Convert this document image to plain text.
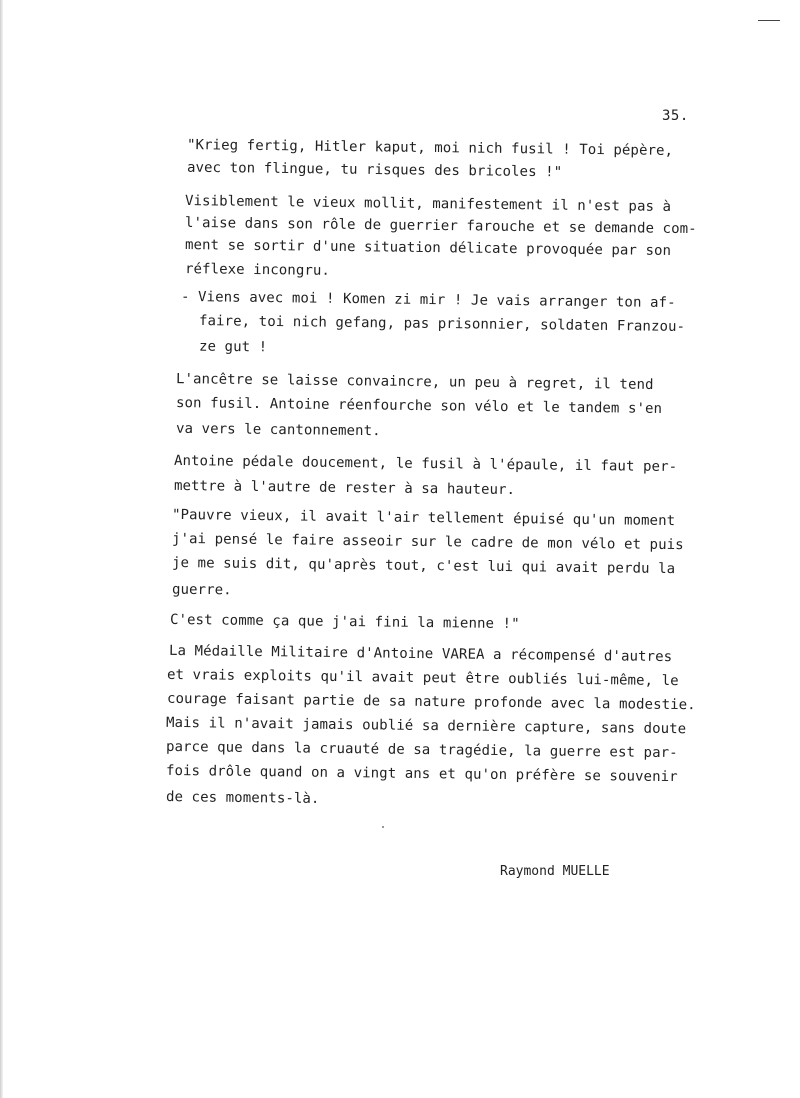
35.
"Krieg fertig, Hitler kaput, moi nich fusil ! Toi pépère,
avec ton flingue, tu risques des bricoles !"
Visiblement le vieux mollit, manifestement il n'est pas à
l'aise dans son rôle de guerrier farouche et se demande com-
ment se sortir d'une situation délicate provoquée par son
réflexe incongru.
- Viens avec moi ! Komen zi mir ! Je vais arranger ton af-
faire, toi nich gefang, pas prisonnier, soldaten Franzou-
ze gut !
L'ancêtre se laisse convaincre, un peu à regret, il tend
son fusil. Antoine réenfourche son vélo et le tandem s'en
va vers le cantonnement.
Antoine pédale doucement, le fusil à l'épaule, il faut per-
mettre à l'autre de rester à sa hauteur.
"Pauvre vieux, il avait l'air tellement épuisé qu'un moment
j'ai pensé le faire asseoir sur le cadre de mon vélo et puis
je me suis dit, qu'après tout, c'est lui qui avait perdu la
guerre.
C'est comme ça que j'ai fini la mienne !"
La Médaille Militaire d'Antoine VAREA a récompensé d'autres
et vrais exploits qu'il avait peut être oubliés lui-même, le
courage faisant partie de sa nature profonde avec la modestie.
Mais il n'avait jamais oublié sa dernière capture, sans doute
parce que dans la cruauté de sa tragédie, la guerre est par-
fois drôle quand on a vingt ans et qu'on préfère se souvenir
de ces moments-là.
Raymond MUELLE
